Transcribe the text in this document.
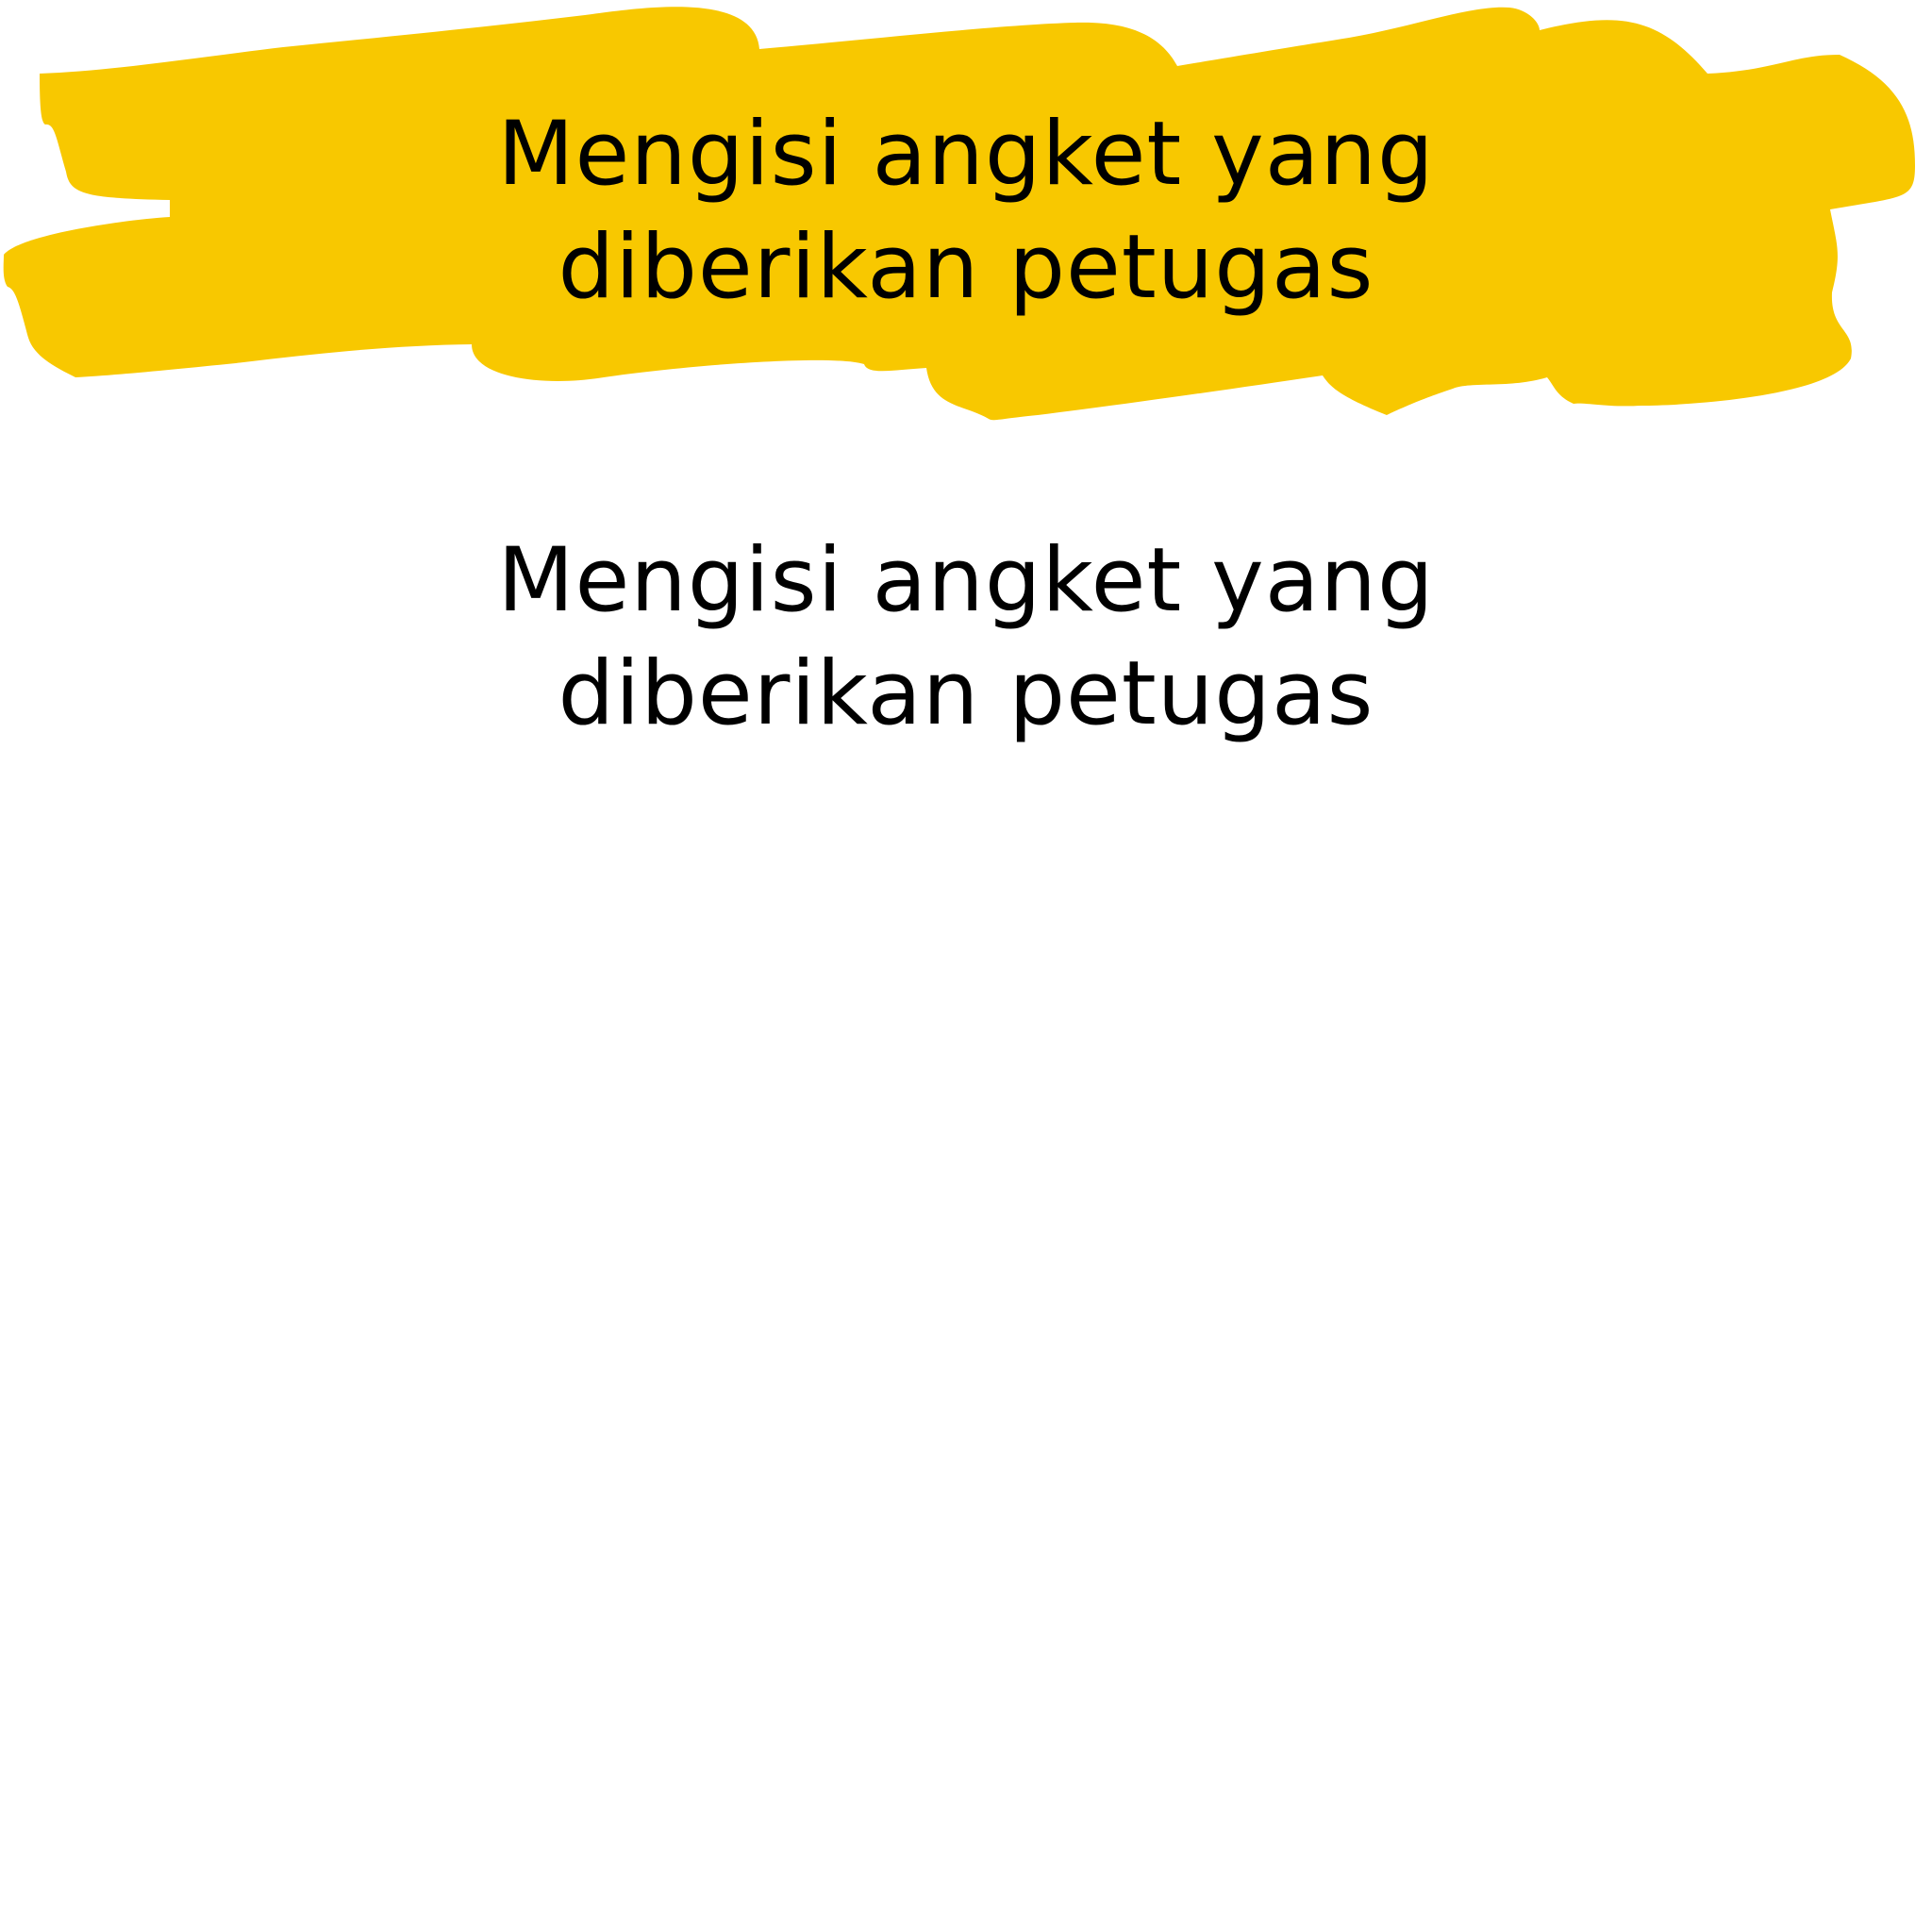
Mengisi angket yang
diberikan petugas
Mengisi angket yang
diberikan petugas
